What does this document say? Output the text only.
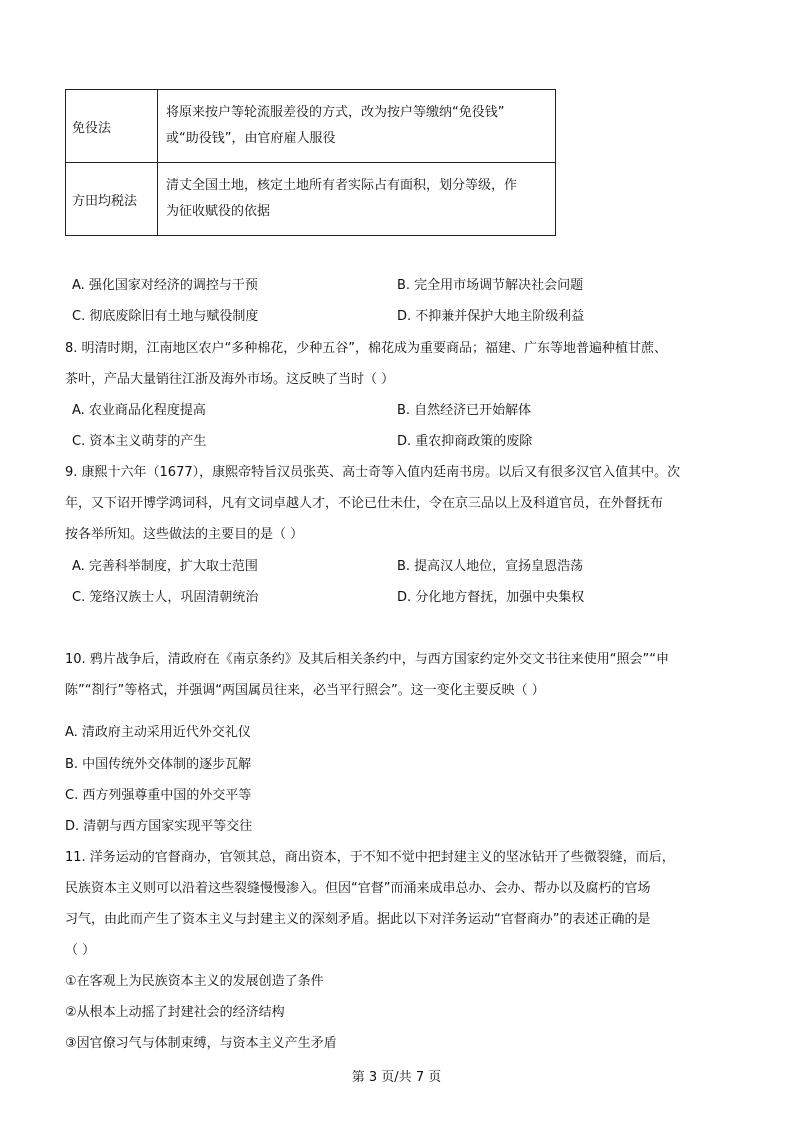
免役法	将原来按户等轮流服差役的方式，改为按户等缴纳“免役钱”
或“助役钱”，由官府雇人服役

方田均税法	清丈全国土地，核定土地所有者实际占有面积，划分等级，作
为征收赋役的依据
A. 强化国家对经济的调控与干预	B. 完全用市场调节解决社会问题
C. 彻底废除旧有土地与赋役制度	D. 不抑兼并保护大地主阶级利益
8. 明清时期，江南地区农户“多种棉花，少种五谷”，棉花成为重要商品；福建、广东等地普遍种植甘蔗、
茶叶，产品大量销往江浙及海外市场。这反映了当时（ ）
A. 农业商品化程度提高	B. 自然经济已开始解体
C. 资本主义萌芽的产生	D. 重农抑商政策的废除
9. 康熙十六年（1677），康熙帝特旨汉员张英、高士奇等入值内廷南书房。以后又有很多汉官入值其中。次
年，又下诏开博学鸿词科，凡有文词卓越人才，不论已仕未仕，令在京三品以上及科道官员，在外督抚布
按各举所知。这些做法的主要目的是（ ）
A. 完善科举制度，扩大取士范围	B. 提高汉人地位，宣扬皇恩浩荡
C. 笼络汉族士人，巩固清朝统治	D. 分化地方督抚，加强中央集权
10. 鸦片战争后，清政府在《南京条约》及其后相关条约中，与西方国家约定外交文书往来使用“照会”“申
陈”“剳行”等格式，并强调“两国属员往来，必当平行照会”。这一变化主要反映（ ）
A. 清政府主动采用近代外交礼仪
B. 中国传统外交体制的逐步瓦解
C. 西方列强尊重中国的外交平等
D. 清朝与西方国家实现平等交往
11. 洋务运动的官督商办，官领其总，商出资本，于不知不觉中把封建主义的坚冰钻开了些微裂缝，而后，
民族资本主义则可以沿着这些裂缝慢慢渗入。但因“官督”而涌来成串总办、会办、帮办以及腐朽的官场
习气，由此而产生了资本主义与封建主义的深刻矛盾。据此以下对洋务运动“官督商办”的表述正确的是
（ ）
①在客观上为民族资本主义的发展创造了条件
②从根本上动摇了封建社会的经济结构
③因官僚习气与体制束缚，与资本主义产生矛盾
第 3 页/共 7 页
